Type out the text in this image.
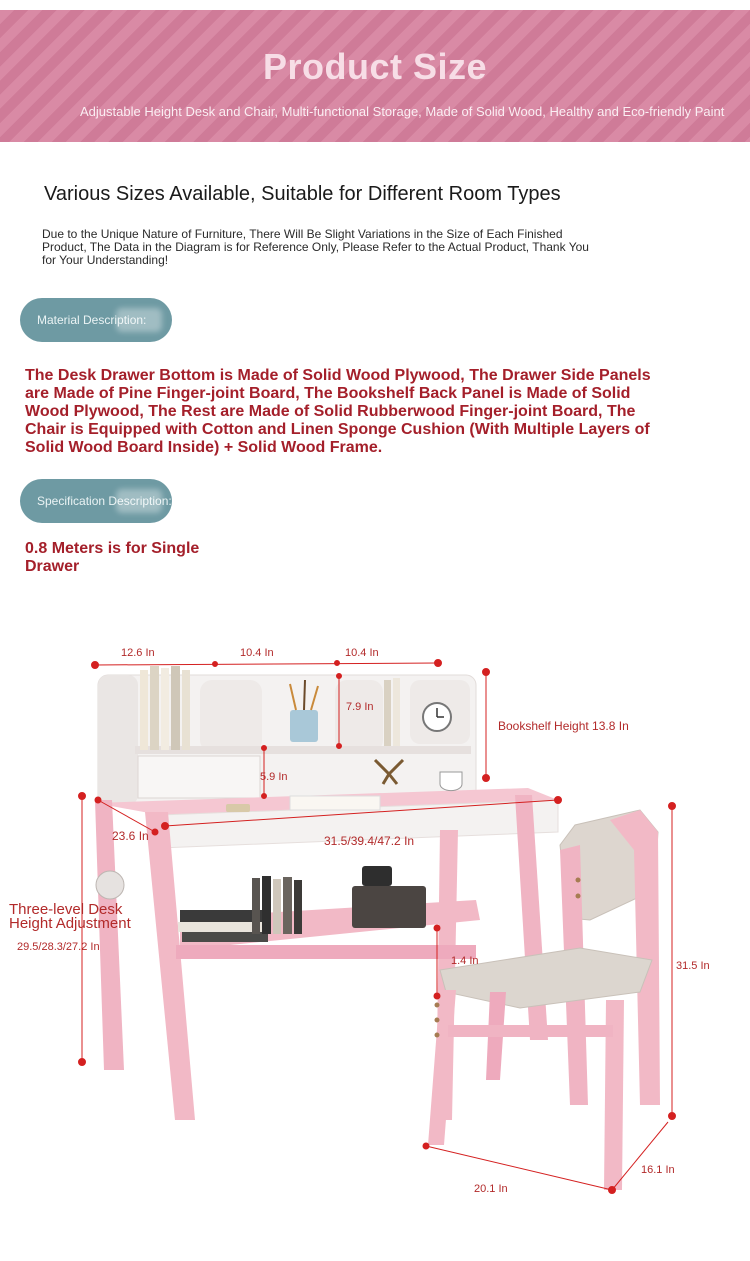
Product Size
Adjustable Height Desk and Chair, Multi-functional Storage, Made of Solid Wood, Healthy and Eco-friendly Paint
Various Sizes Available, Suitable for Different Room Types
Due to the Unique Nature of Furniture, There Will Be Slight Variations in the Size of Each Finished Product, The Data in the Diagram is for Reference Only, Please Refer to the Actual Product, Thank You for Your Understanding!
Material Description:
The Desk Drawer Bottom is Made of Solid Wood Plywood, The Drawer Side Panels are Made of Pine Finger-joint Board, The Bookshelf Back Panel is Made of Solid Wood Plywood, The Rest are Made of Solid Rubberwood Finger-joint Board, The Chair is Equipped with Cotton and Linen Sponge Cushion (With Multiple Layers of Solid Wood Board Inside) + Solid Wood Frame.
Specification Description:
0.8 Meters is for Single
Drawer
12.6 In	10.4 In	10.4 In
7.9 In
Bookshelf Height 13.8 In
5.9 In
23.6 In	31.5/39.4/47.2 In
Three-level Desk
Height Adjustment
29.5/28.3/27.2 In
1.4 In	31.5 In
16.1 In
20.1 In
